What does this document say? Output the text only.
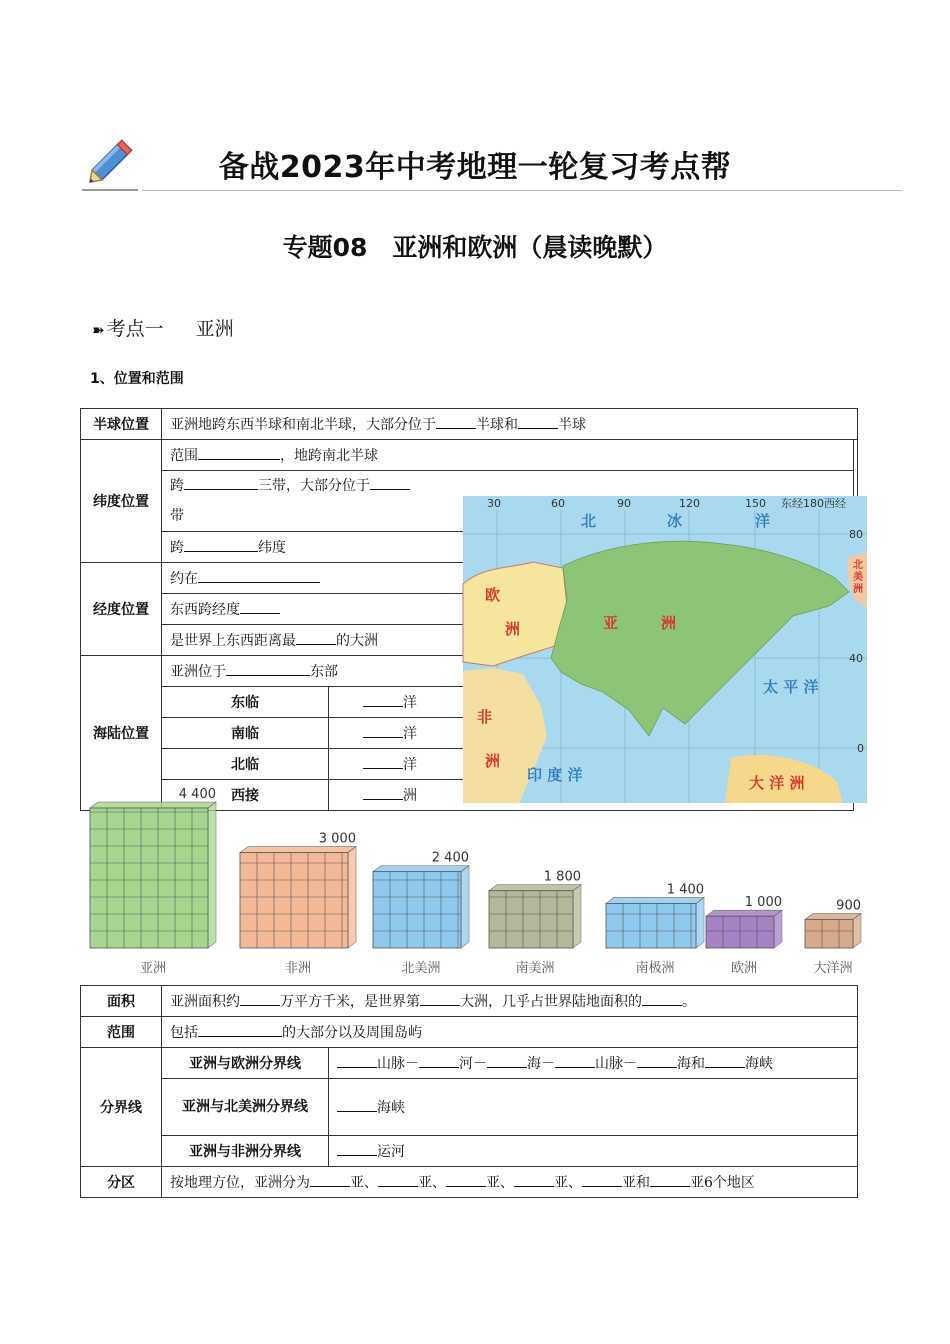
备战2023年中考地理一轮复习考点帮
专题08　亚洲和欧洲（晨读晚默）
➽ 考点一 亚洲
1、位置和范围
半球位置	亚洲地跨东西半球和南北半球，大部分位于 半球和 半球		
纬度位置	范围 ，地跨南北半球		
	跨 三带，大部分位于
带		

	跨 纬度		
经度位置	约在		
	东西跨经度		
	是世界上东西距离最 的大洲		
海陆位置	亚洲位于 东部		
	东临	洋	
	南临	洋	
	北临	洋	
	西接	洲	
30	60	90	120	150 东经180西经
80
40
0
北	冰	洋
印 度 洋
太 平 洋
欧
洲	亚	洲
非
洲
大 洋 洲
北
美
洲
4 400
亚洲
3 000
非洲
2 400
北美洲
1 800
南美洲
1 400
南极洲
1 000
欧洲
900
大洋洲
面积	亚洲面积约 万平方千米，是世界第 大洲，几乎占世界陆地面积的 。	
范围	包括 的大部分以及周围岛屿	
分界线	亚洲与欧洲分界线	山脉－ 河－ 海－ 山脉－ 海和 海峡
	亚洲与北美洲分界线	海峡
	亚洲与非洲分界线	运河
分区	按地理方位，亚洲分为 亚、 亚、 亚、 亚、 亚和 亚6个地区	
